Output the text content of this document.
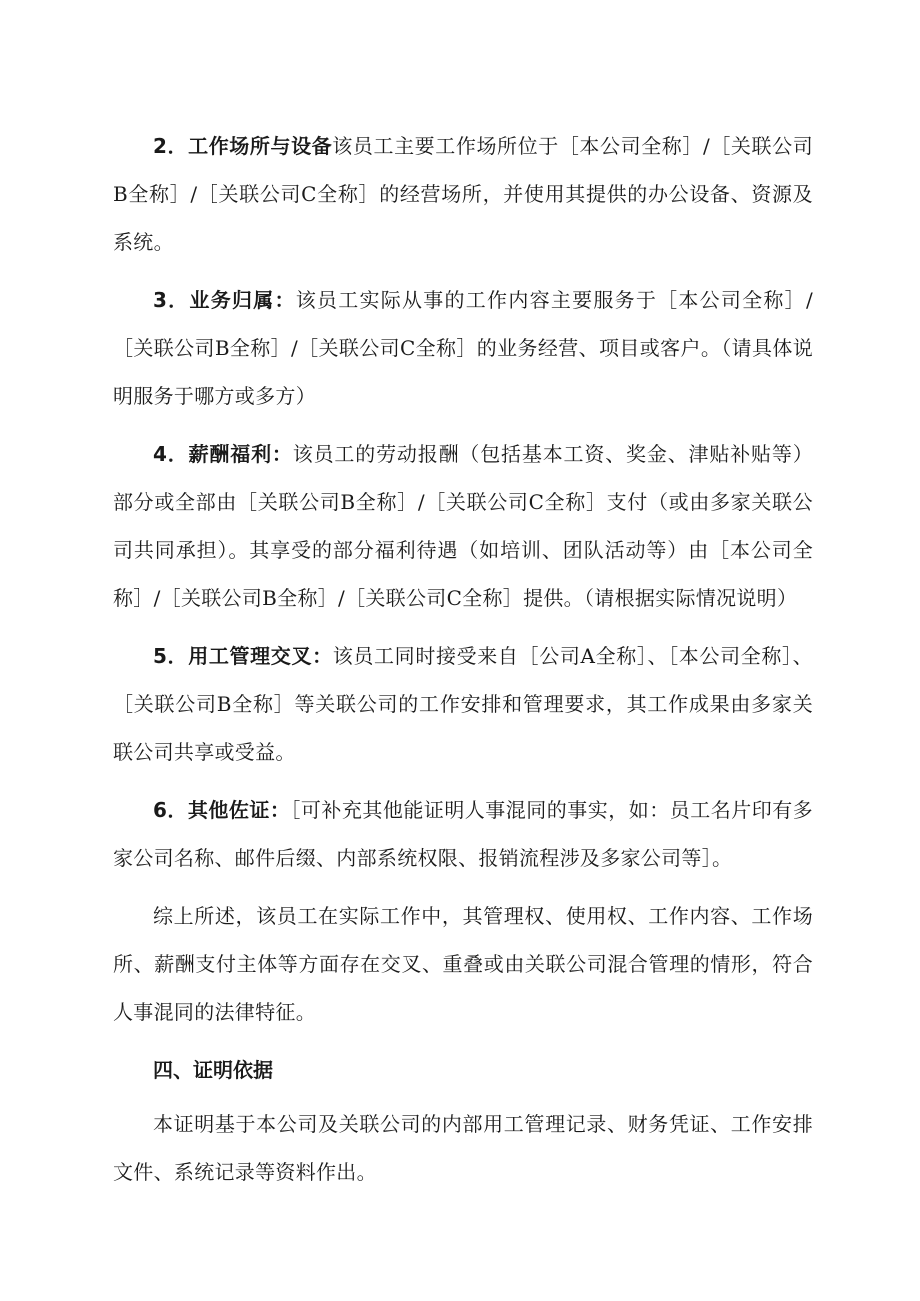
2．工作场所与设备该员工主要工作场所位于［本公司全称］/［关联公司B全称］/［关联公司C全称］的经营场所，并使用其提供的办公设备、资源及系统。

3．业务归属：该员工实际从事的工作内容主要服务于［本公司全称］/［关联公司B全称］/［关联公司C全称］的业务经营、项目或客户。（请具体说明服务于哪方或多方）

4．薪酬福利：该员工的劳动报酬（包括基本工资、奖金、津贴补贴等）部分或全部由［关联公司B全称］/［关联公司C全称］支付（或由多家关联公司共同承担）。其享受的部分福利待遇（如培训、团队活动等）由［本公司全称］/［关联公司B全称］/［关联公司C全称］提供。（请根据实际情况说明）

5．用工管理交叉：该员工同时接受来自［公司A全称］、［本公司全称］、［关联公司B全称］等关联公司的工作安排和管理要求，其工作成果由多家关联公司共享或受益。

6．其他佐证：［可补充其他能证明人事混同的事实，如：员工名片印有多家公司名称、邮件后缀、内部系统权限、报销流程涉及多家公司等］。

综上所述，该员工在实际工作中，其管理权、使用权、工作内容、工作场所、薪酬支付主体等方面存在交叉、重叠或由关联公司混合管理的情形，符合人事混同的法律特征。

四、证明依据

本证明基于本公司及关联公司的内部用工管理记录、财务凭证、工作安排文件、系统记录等资料作出。
